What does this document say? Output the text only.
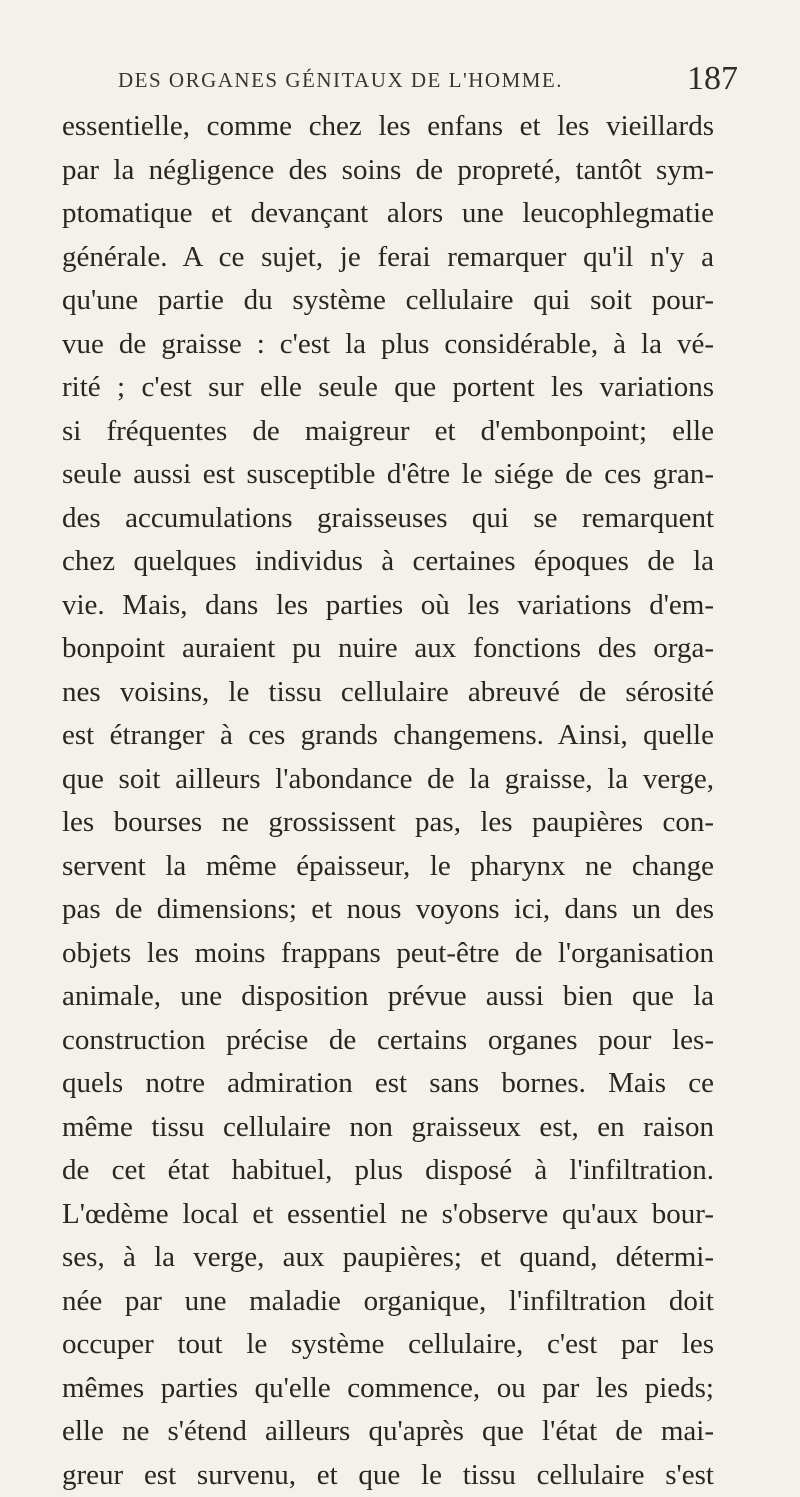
DES ORGANES GÉNITAUX DE L'HOMME.	187
essentielle, comme chez les enfans et les vieillards
par la négligence des soins de propreté, tantôt sym-
ptomatique et devançant alors une leucophlegmatie
générale. A ce sujet, je ferai remarquer qu'il n'y a
qu'une partie du système cellulaire qui soit pour-
vue de graisse : c'est la plus considérable, à la vé-
rité ; c'est sur elle seule que portent les variations
si fréquentes de maigreur et d'embonpoint; elle
seule aussi est susceptible d'être le siége de ces gran-
des accumulations graisseuses qui se remarquent
chez quelques individus à certaines époques de la
vie. Mais, dans les parties où les variations d'em-
bonpoint auraient pu nuire aux fonctions des orga-
nes voisins, le tissu cellulaire abreuvé de sérosité
est étranger à ces grands changemens. Ainsi, quelle
que soit ailleurs l'abondance de la graisse, la verge,
les bourses ne grossissent pas, les paupières con-
servent la même épaisseur, le pharynx ne change
pas de dimensions; et nous voyons ici, dans un des
objets les moins frappans peut-être de l'organisation
animale, une disposition prévue aussi bien que la
construction précise de certains organes pour les-
quels notre admiration est sans bornes. Mais ce
même tissu cellulaire non graisseux est, en raison
de cet état habituel, plus disposé à l'infiltration.
L'œdème local et essentiel ne s'observe qu'aux bour-
ses, à la verge, aux paupières; et quand, détermi-
née par une maladie organique, l'infiltration doit
occuper tout le système cellulaire, c'est par les
mêmes parties qu'elle commence, ou par les pieds;
elle ne s'étend ailleurs qu'après que l'état de mai-
greur est survenu, et que le tissu cellulaire s'est
